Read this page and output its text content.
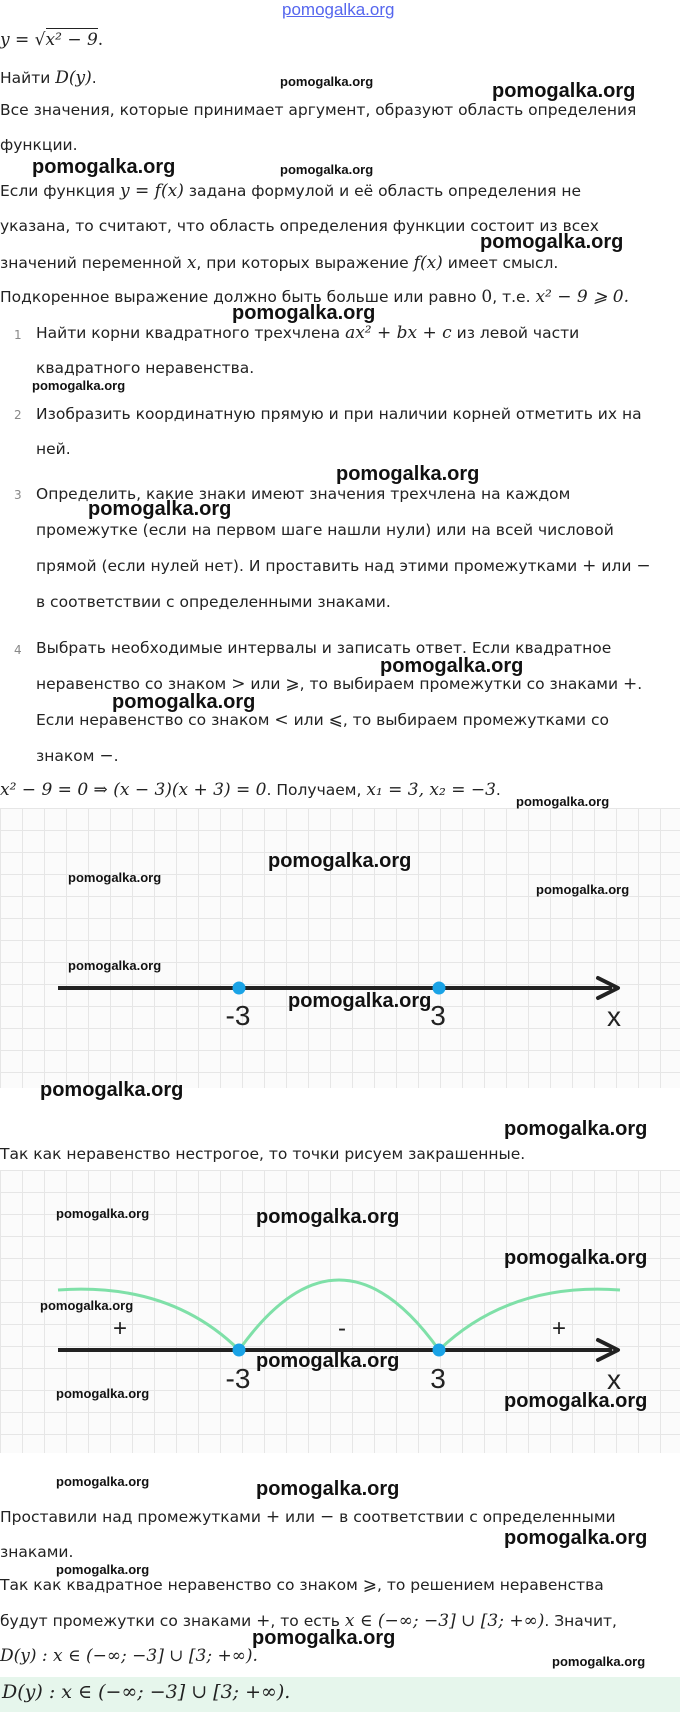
pomogalka.org
y = √x² − 9.
Найти D(y).
Все значения, которые принимает аргумент, образуют область определения
функции.
Если функция y = f(x) задана формулой и её область определения не
указана, то считают, что область определения функции состоит из всех
значений переменной x, при которых выражение f(x) имеет смысл.
Подкоренное выражение должно быть больше или равно 0, т.е. x² − 9 ⩾ 0.
1 Найти корни квадратного трехчлена ax² + bx + c из левой части
квадратного неравенства.
2 Изобразить координатную прямую и при наличии корней отметить их на
ней.
3 Определить, какие знаки имеют значения трехчлена на каждом
промежутке (если на первом шаге нашли нули) или на всей числовой
прямой (если нулей нет). И проставить над этими промежутками + или −
в соответствии с определенными знаками.
4 Выбрать необходимые интервалы и записать ответ. Если квадратное
неравенство со знаком > или ⩾, то выбираем промежутки со знаками +.
Если неравенство со знаком < или ⩽, то выбираем промежутками со
знаком −.
x² − 9 = 0 ⇒ (x − 3)(x + 3) = 0. Получаем, x₁ = 3, x₂ = −3.
-3	3	x
Так как неравенство нестрогое, то точки рисуем закрашенные.
+	-	+
-3	3	x
Проставили над промежутками + или − в соответствии с определенными
знаками.
Так как квадратное неравенство со знаком ⩾, то решением неравенства
будут промежутки со знаками +, то есть x ∈ (−∞; −3] ∪ [3; +∞). Значит,
D(y) : x ∈ (−∞; −3] ∪ [3; +∞).
D(y) : x ∈ (−∞; −3] ∪ [3; +∞).
pomogalka.org	pomogalka.org
pomogalka.org	pomogalka.org
pomogalka.org
pomogalka.org
pomogalka.org
pomogalka.org
pomogalka.org
pomogalka.org
pomogalka.org
pomogalka.org
pomogalka.org
pomogalka.org
pomogalka.org
pomogalka.org
pomogalka.org
pomogalka.org
pomogalka.org
pomogalka.org	pomogalka.org
pomogalka.org
pomogalka.org
pomogalka.org
pomogalka.org	pomogalka.org
pomogalka.org	pomogalka.org
pomogalka.org
pomogalka.org
pomogalka.org
pomogalka.org
